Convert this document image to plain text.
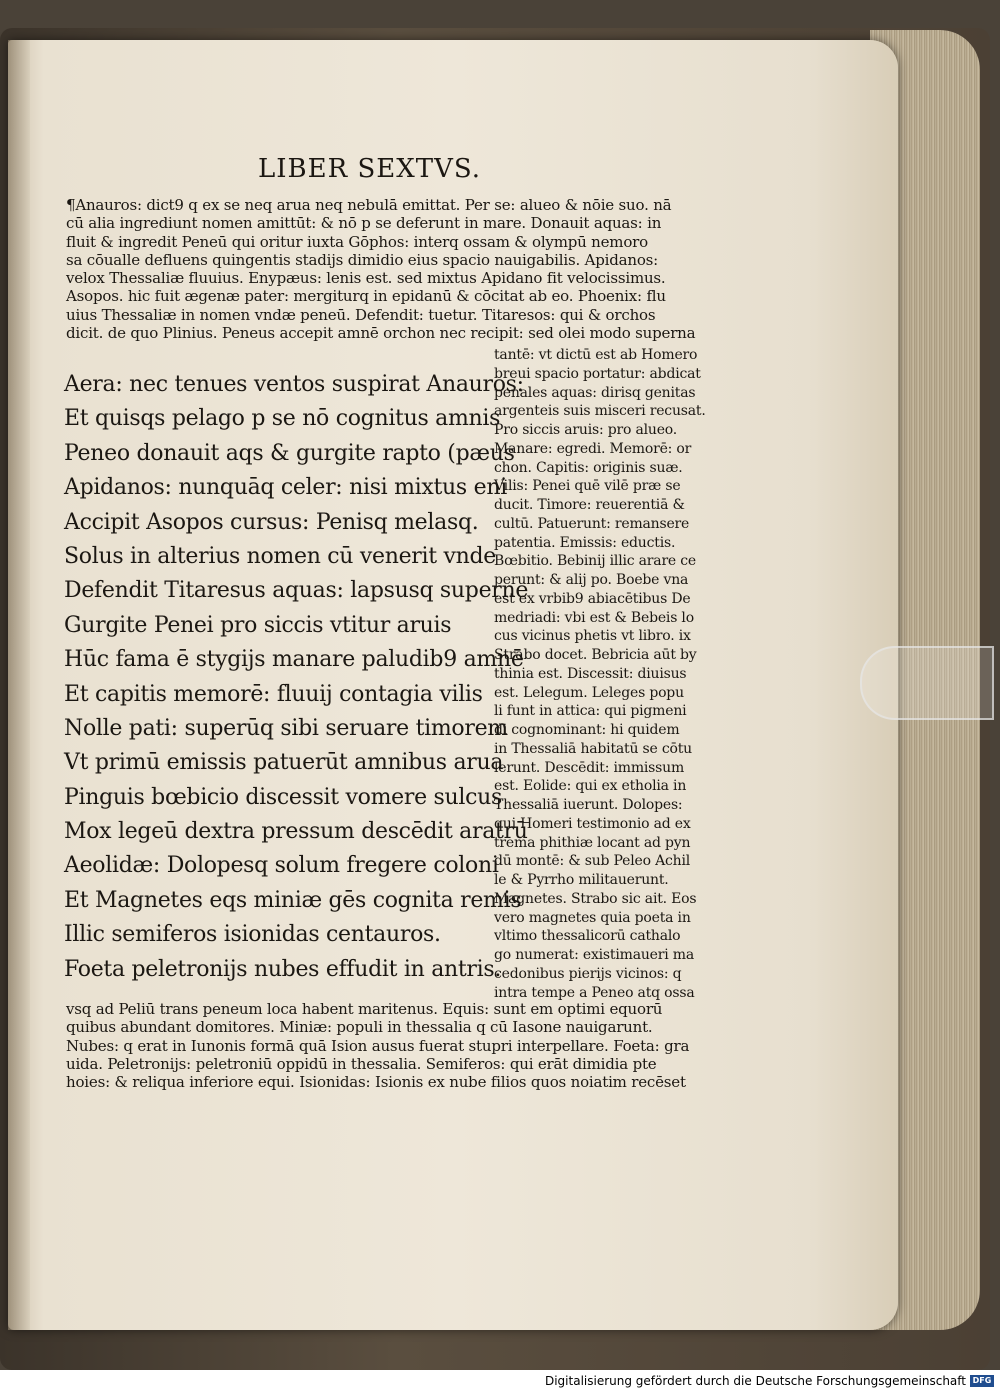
LIBER SEXTVS.
¶Anauros: dict9 q ex se neq arua neq nebulā emittat. Per se: alueo & nōie suo. nā
cū alia ingrediunt nomen amittūt: & nō p se deferunt in mare. Donauit aquas: in
fluit & ingredit Peneū qui oritur iuxta Gōphos: interq ossam & olympū nemoro
sa cōualle defluens quingentis stadijs dimidio eius spacio nauigabilis. Apidanos:
velox Thessaliæ fluuius. Enypæus: lenis est. sed mixtus Apidano fit velocissimus.
Asopos. hic fuit ægenæ pater: mergiturq in epidanū & cōcitat ab eo. Phoenix: flu
uius Thessaliæ in nomen vndæ peneū. Defendit: tuetur. Titaresos: qui & orchos
dicit. de quo Plinius. Peneus accepit amnē orchon nec recipit: sed olei modo superna
Aera: nec tenues ventos suspirat Anauros:
Et quisqs pelago p se nō cognitus amnis
Peneo donauit aqs & gurgite rapto (pæus
Apidanos: nunquāq celer: nisi mixtus eni
Accipit Asopos cursus: Penisq melasq.
Solus in alterius nomen cū venerit vnde
Defendit Titaresus aquas: lapsusq superne
Gurgite Penei pro siccis vtitur aruis
Hūc fama ē stygijs manare paludib9 amnē
Et capitis memorē: fluuij contagia vilis
Nolle pati: superūq sibi seruare timorem
Vt primū emissis patuerūt amnibus arua
Pinguis bœbicio discessit vomere sulcus
Mox legeū dextra pressum descēdit aratrū
Aeolidæ: Dolopesq solum fregere coloni
Et Magnetes eqs miniæ gēs cognita remis
Illic semiferos isionidas centauros.
Foeta peletronijs nubes effudit in antris.
tantē: vt dictū est ab Homero
breui spacio portatur: abdicat
penales aquas: dirisq genitas
argenteis suis misceri recusat.
Pro siccis aruis: pro alueo.
Manare: egredi. Memorē: or
chon. Capitis: originis suæ.
Vilis: Penei quē vilē præ se
ducit. Timore: reuerentiā &
cultū. Patuerunt: remansere
patentia. Emissis: eductis.
Bœbitio. Bebinij illic arare ce
perunt: & alij po. Boebe vna
est ex vrbib9 abiacētibus De
medriadi: vbi est & Bebeis lo
cus vicinus phetis vt libro. ix
Strabo docet. Bebricia aūt by
thinia est. Discessit: diuisus
est. Lelegum. Leleges popu
li funt in attica: qui pigmeni
di cognominant: hi quidem
in Thessaliā habitatū se cōtu
lerunt. Descēdit: immissum
est. Eolide: qui ex etholia in
Thessaliā iuerunt. Dolopes:
qui Homeri testimonio ad ex
trema phithiæ locant ad pyn
dū montē: & sub Peleo Achil
le & Pyrrho militauerunt.
Magnetes. Strabo sic ait. Eos
vero magnetes quia poeta in
vltimo thessalicorū cathalo
go numerat: existimaueri ma
cedonibus pierijs vicinos: q
intra tempe a Peneo atq ossa
vsq ad Peliū trans peneum loca habent maritenus. Equis: sunt em optimi equorū
quibus abundant domitores. Miniæ: populi in thessalia q cū Iasone nauigarunt.
Nubes: q erat in Iunonis formā quā Ision ausus fuerat stupri interpellare. Foeta: gra
uida. Peletronijs: peletroniū oppidū in thessalia. Semiferos: qui erāt dimidia pte
hoies: & reliqua inferiore equi. Isionidas: Isionis ex nube filios quos noiatim recēset
Digitalisierung gefördert durch die Deutsche Forschungsgemeinschaft DFG
